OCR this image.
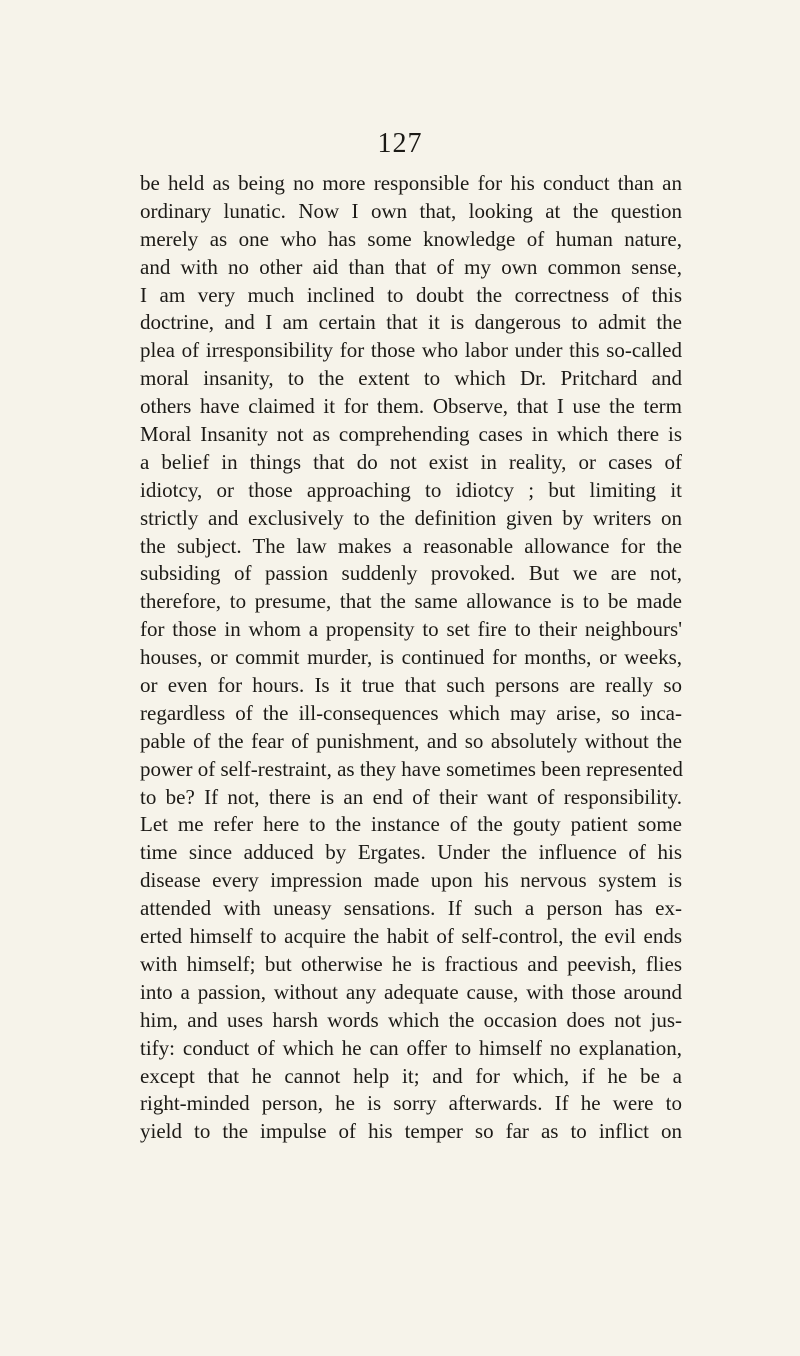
127
be held as being no more responsible for his conduct than an
ordinary lunatic. Now I own that, looking at the question
merely as one who has some knowledge of human nature,
and with no other aid than that of my own common sense,
I am very much inclined to doubt the correctness of this
doctrine, and I am certain that it is dangerous to admit the
plea of irresponsibility for those who labor under this so-called
moral insanity, to the extent to which Dr. Pritchard and
others have claimed it for them. Observe, that I use the term
Moral Insanity not as comprehending cases in which there is
a belief in things that do not exist in reality, or cases of
idiotcy, or those approaching to idiotcy ; but limiting it
strictly and exclusively to the definition given by writers on
the subject. The law makes a reasonable allowance for the
subsiding of passion suddenly provoked. But we are not,
therefore, to presume, that the same allowance is to be made
for those in whom a propensity to set fire to their neighbours'
houses, or commit murder, is continued for months, or weeks,
or even for hours. Is it true that such persons are really so
regardless of the ill-consequences which may arise, so inca-
pable of the fear of punishment, and so absolutely without the
power of self-restraint, as they have sometimes been represented
to be? If not, there is an end of their want of responsibility.
Let me refer here to the instance of the gouty patient some
time since adduced by Ergates. Under the influence of his
disease every impression made upon his nervous system is
attended with uneasy sensations. If such a person has ex-
erted himself to acquire the habit of self-control, the evil ends
with himself; but otherwise he is fractious and peevish, flies
into a passion, without any adequate cause, with those around
him, and uses harsh words which the occasion does not jus-
tify: conduct of which he can offer to himself no explanation,
except that he cannot help it; and for which, if he be a
right-minded person, he is sorry afterwards. If he were to
yield to the impulse of his temper so far as to inflict on
